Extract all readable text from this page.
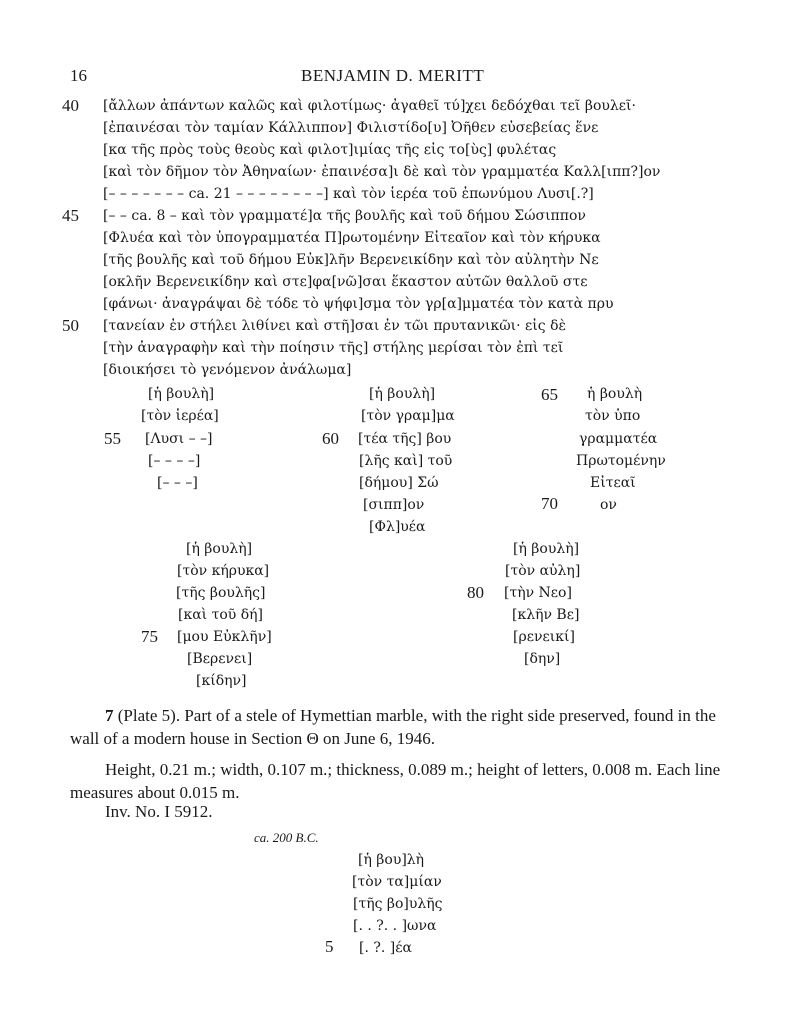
16	BENJAMIN D. MERITT
40 [ἄλλων ἀπάντων καλῶς καὶ φιλοτίμως· ἀγαθεῖ τύ]χει δεδόχθαι τεῖ βουλεῖ·
[ἐπαινέσαι τὸν ταμίαν Κάλλιππον] Φιλιστίδο[υ] Ὀῆθεν εὐσεβείας ἕνε
[κα τῆς πρὸς τοὺς θεοὺς καὶ φιλοτ]ιμίας τῆς εἰς το[ὺς] φυλέτας
[καὶ τὸν δῆμον τὸν Ἀθηναίων· ἐπαινέσα]ι δὲ καὶ τὸν γραμματέα Καλλ[ιππ?]ον
[– – – – – – – ca. 21 – – – – – – – –] καὶ τὸν ἱερέα τοῦ ἐπωνύμου Λυσι[.?]
45 [– – ca. 8 – καὶ τὸν γραμματέ]α τῆς βουλῆς καὶ τοῦ δήμου Σώσιππον
[Φλυέα καὶ τὸν ὑπογραμματέα Π]ρωτομένην Εἰτεαῖον καὶ τὸν κήρυκα
[τῆς βουλῆς καὶ τοῦ δήμου Εὐκ]λῆν Βερενεικίδην καὶ τὸν αὐλητὴν Νε
[οκλῆν Βερενεικίδην καὶ στε]φα[νῶ]σαι ἕκαστον αὐτῶν θαλλοῦ στε
[φάνωι· ἀναγράψαι δὲ τόδε τὸ ψήφι]σμα τὸν γρ[α]μματέα τὸν κατὰ πρυ
50 [τανείαν ἐν στήλει λιθίνει καὶ στῆ]σαι ἐν τῶι πρυτανικῶι· εἰς δὲ
[τὴν ἀναγραφὴν καὶ τὴν ποίησιν τῆς] στήλης μερίσαι τὸν ἐπὶ τεῖ
[διοικήσει τὸ γενόμενον ἀνάλωμα]
[ἡ βουλὴ]
[τὸν ἱερέα]
55 [Λυσι – –]
[– – – –]
[– – –]
[ἡ βουλὴ]
[τὸν γραμ]μα
60 [τέα τῆς] βου
[λῆς καὶ] τοῦ
[δήμου] Σώ
[σιππ]ον
[Φλ]υέα
65 ἡ βουλὴ
τὸν ὑπο
γραμματέα
Πρωτομένην
Εἰτεαῖ
70	ον
[ἡ βουλὴ]
[τὸν κήρυκα]
[τῆς βουλῆς]
[καὶ τοῦ δή]
75 [μου Εὐκλῆν]
[Βερενει]
[κίδην]
[ἡ βουλὴ]
[τὸν αὐλη]
80 [τὴν Νεο]
[κλῆν Βε]
[ρενεικί]
[δην]
7 (Plate 5). Part of a stele of Hymettian marble, with the right side preserved, found in the wall of a modern house in Section Θ on June 6, 1946.
Height, 0.21 m.; width, 0.107 m.; thickness, 0.089 m.; height of letters, 0.008 m. Each line measures about 0.015 m.
Inv. No. I 5912.
ca. 200 B.C.
[ἡ βου]λὴ
[τὸν τα]μίαν
[τῆς βο]υλῆς
[. . ?. . ]ωνα
5 [. ?. ]έα
